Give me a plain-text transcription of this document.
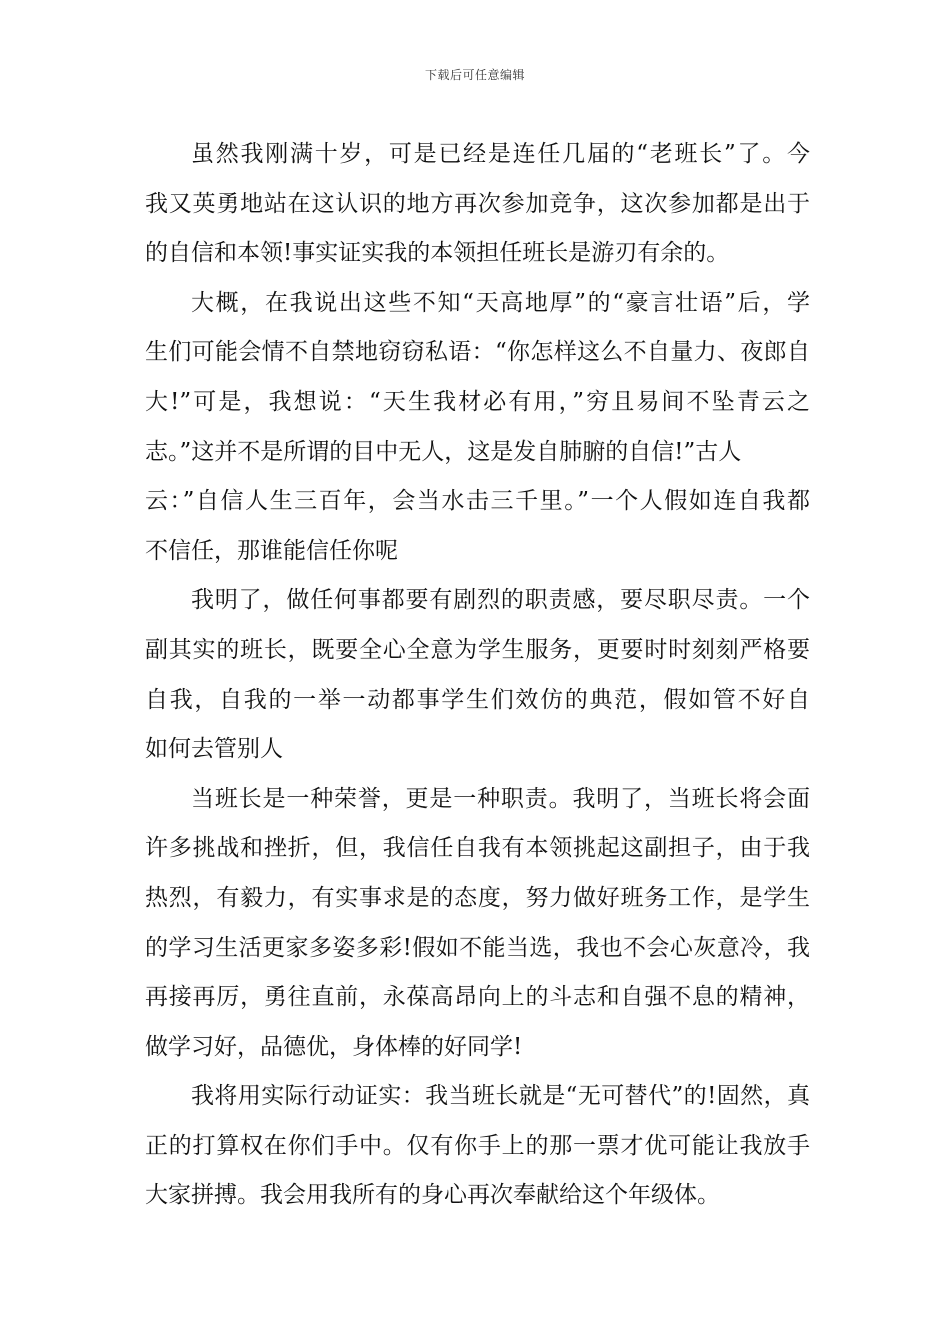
下载后可任意编辑
虽然我刚满十岁，可是已经是连任几届的“老班长”了。今
我又英勇地站在这认识的地方再次参加竞争，这次参加都是出于
的自信和本领!事实证实我的本领担任班长是游刃有余的。
大概，在我说出这些不知“天高地厚”的“豪言壮语”后，学
生们可能会情不自禁地窃窃私语：“你怎样这么不自量力、夜郎自
大!”可是，我想说：“天生我材必有用，”穷且易间不坠青云之
志。”这并不是所谓的目中无人，这是发自肺腑的自信!”古人
云：”自信人生三百年，会当水击三千里。”一个人假如连自我都
不信任，那谁能信任你呢
我明了，做任何事都要有剧烈的职责感，要尽职尽责。一个
副其实的班长，既要全心全意为学生服务，更要时时刻刻严格要
自我，自我的一举一动都事学生们效仿的典范，假如管不好自
如何去管别人
当班长是一种荣誉，更是一种职责。我明了，当班长将会面
许多挑战和挫折，但，我信任自我有本领挑起这副担子，由于我
热烈，有毅力，有实事求是的态度，努力做好班务工作，是学生
的学习生活更家多姿多彩!假如不能当选，我也不会心灰意冷，我
再接再厉，勇往直前，永葆高昂向上的斗志和自强不息的精神，
做学习好，品德优，身体棒的好同学!
我将用实际行动证实：我当班长就是“无可替代”的!固然，真
正的打算权在你们手中。仅有你手上的那一票才优可能让我放手
大家拼搏。我会用我所有的身心再次奉献给这个年级体。
